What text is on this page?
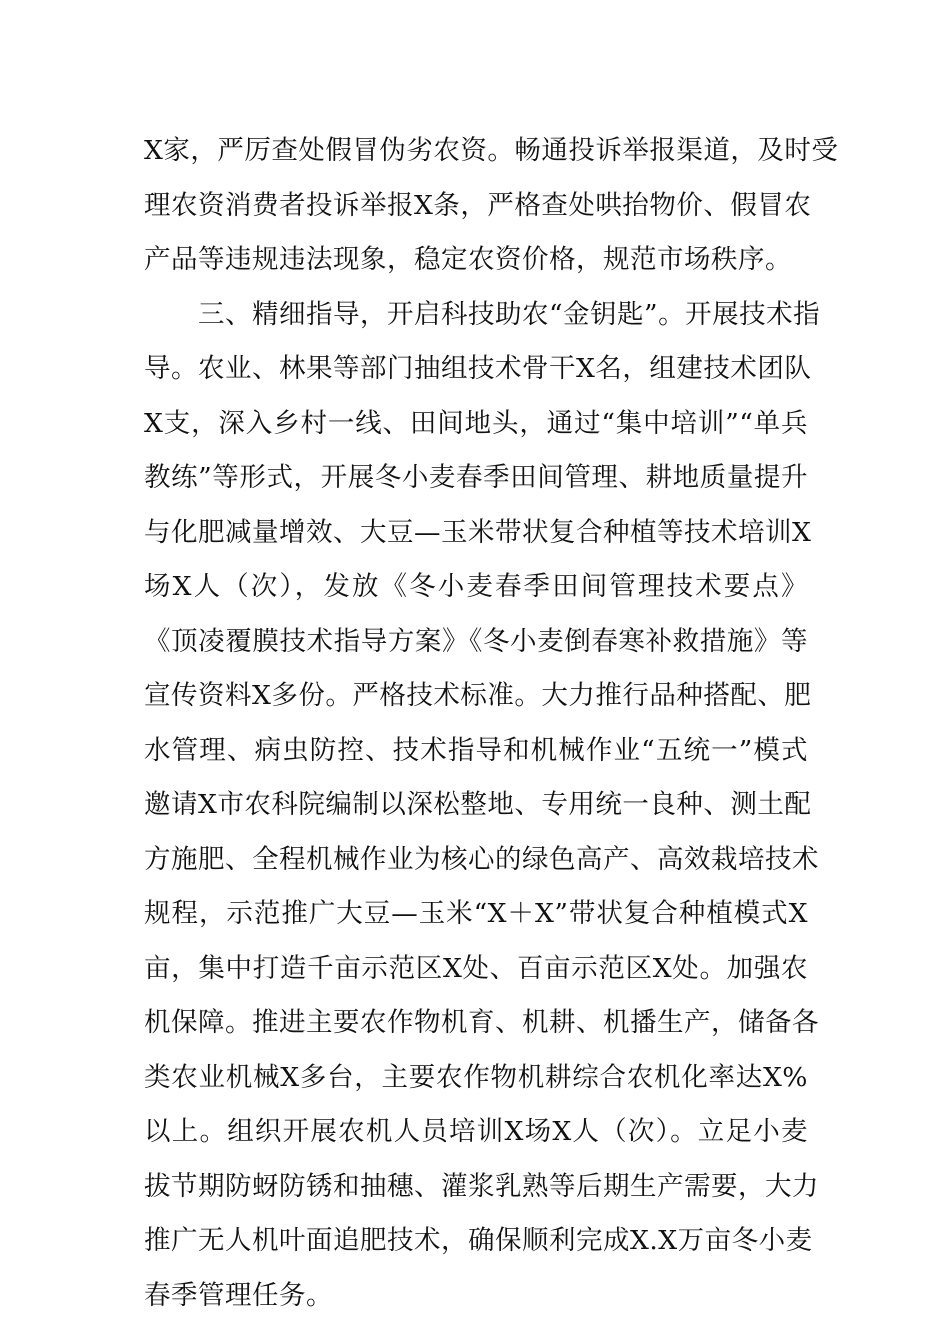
X家，严厉查处假冒伪劣农资。畅通投诉举报渠道，及时受
理农资消费者投诉举报X条，严格查处哄抬物价、假冒农
产品等违规违法现象，稳定农资价格，规范市场秩序。
　　三、精细指导，开启科技助农“金钥匙”。开展技术指
导。农业、林果等部门抽组技术骨干X名，组建技术团队
X支，深入乡村一线、田间地头，通过“集中培训”“单兵
教练”等形式，开展冬小麦春季田间管理、耕地质量提升
与化肥减量增效、大豆—玉米带状复合种植等技术培训X
场X人（次），发放《冬小麦春季田间管理技术要点》
《顶凌覆膜技术指导方案》《冬小麦倒春寒补救措施》等
宣传资料X多份。严格技术标准。大力推行品种搭配、肥
水管理、病虫防控、技术指导和机械作业“五统一”模式
邀请X市农科院编制以深松整地、专用统一良种、测土配
方施肥、全程机械作业为核心的绿色高产、高效栽培技术
规程，示范推广大豆—玉米“X＋X”带状复合种植模式X
亩，集中打造千亩示范区X处、百亩示范区X处。加强农
机保障。推进主要农作物机育、机耕、机播生产，储备各
类农业机械X多台，主要农作物机耕综合农机化率达X%
以上。组织开展农机人员培训X场X人（次）。立足小麦
拔节期防蚜防锈和抽穗、灌浆乳熟等后期生产需要，大力
推广无人机叶面追肥技术，确保顺利完成X.X万亩冬小麦
春季管理任务。
